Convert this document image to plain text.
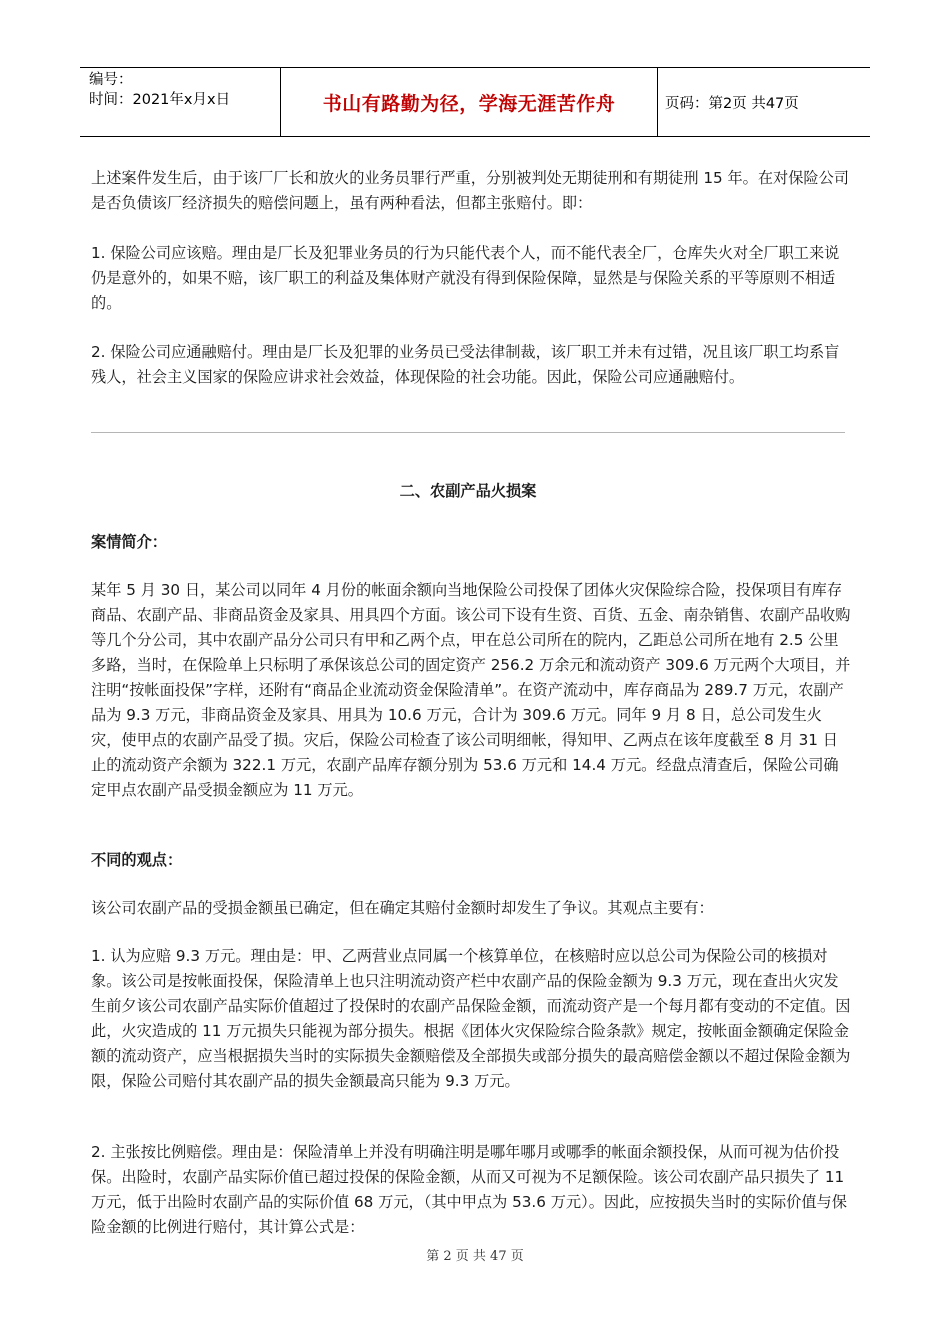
编号：
时间：2021年x月x日	书山有路勤为径，学海无涯苦作舟	页码：第2页 共47页
上述案件发生后，由于该厂厂长和放火的业务员罪行严重，分别被判处无期徒刑和有期徒刑 15 年。在对保险公司是否负债该厂经济损失的赔偿问题上，虽有两种看法，但都主张赔付。即：
1. 保险公司应该赔。理由是厂长及犯罪业务员的行为只能代表个人，而不能代表全厂，仓库失火对全厂职工来说仍是意外的，如果不赔，该厂职工的利益及集体财产就没有得到保险保障，显然是与保险关系的平等原则不相适的。
2. 保险公司应通融赔付。理由是厂长及犯罪的业务员已受法律制裁，该厂职工并未有过错，况且该厂职工均系盲残人，社会主义国家的保险应讲求社会效益，体现保险的社会功能。因此，保险公司应通融赔付。
二、农副产品火损案
案情简介：
某年 5 月 30 日，某公司以同年 4 月份的帐面余额向当地保险公司投保了团体火灾保险综合险，投保项目有库存商品、农副产品、非商品资金及家具、用具四个方面。该公司下设有生资、百货、五金、南杂销售、农副产品收购等几个分公司，其中农副产品分公司只有甲和乙两个点，甲在总公司所在的院内，乙距总公司所在地有 2.5 公里多路，当时，在保险单上只标明了承保该总公司的固定资产 256.2 万余元和流动资产 309.6 万元两个大项目，并注明“按帐面投保”字样，还附有“商品企业流动资金保险清单”。在资产流动中，库存商品为 289.7 万元，农副产品为 9.3 万元，非商品资金及家具、用具为 10.6 万元，合计为 309.6 万元。同年 9 月 8 日，总公司发生火灾，使甲点的农副产品受了损。灾后，保险公司检查了该公司明细帐，得知甲、乙两点在该年度截至 8 月 31 日止的流动资产余额为 322.1 万元，农副产品库存额分别为 53.6 万元和 14.4 万元。经盘点清查后，保险公司确定甲点农副产品受损金额应为 11 万元。
不同的观点：
该公司农副产品的受损金额虽已确定，但在确定其赔付金额时却发生了争议。其观点主要有：
1. 认为应赔 9.3 万元。理由是：甲、乙两营业点同属一个核算单位，在核赔时应以总公司为保险公司的核损对象。该公司是按帐面投保，保险清单上也只注明流动资产栏中农副产品的保险金额为 9.3 万元，现在查出火灾发生前夕该公司农副产品实际价值超过了投保时的农副产品保险金额，而流动资产是一个每月都有变动的不定值。因此，火灾造成的 11 万元损失只能视为部分损失。根据《团体火灾保险综合险条款》规定，按帐面金额确定保险金额的流动资产，应当根据损失当时的实际损失金额赔偿及全部损失或部分损失的最高赔偿金额以不超过保险金额为限，保险公司赔付其农副产品的损失金额最高只能为 9.3 万元。
2. 主张按比例赔偿。理由是：保险清单上并没有明确注明是哪年哪月或哪季的帐面余额投保，从而可视为估价投保。出险时，农副产品实际价值已超过投保的保险金额，从而又可视为不足额保险。该公司农副产品只损失了 11 万元，低于出险时农副产品的实际价值 68 万元，（其中甲点为 53.6 万元）。因此，应按损失当时的实际价值与保险金额的比例进行赔付，其计算公式是：
第 2 页 共 47 页
